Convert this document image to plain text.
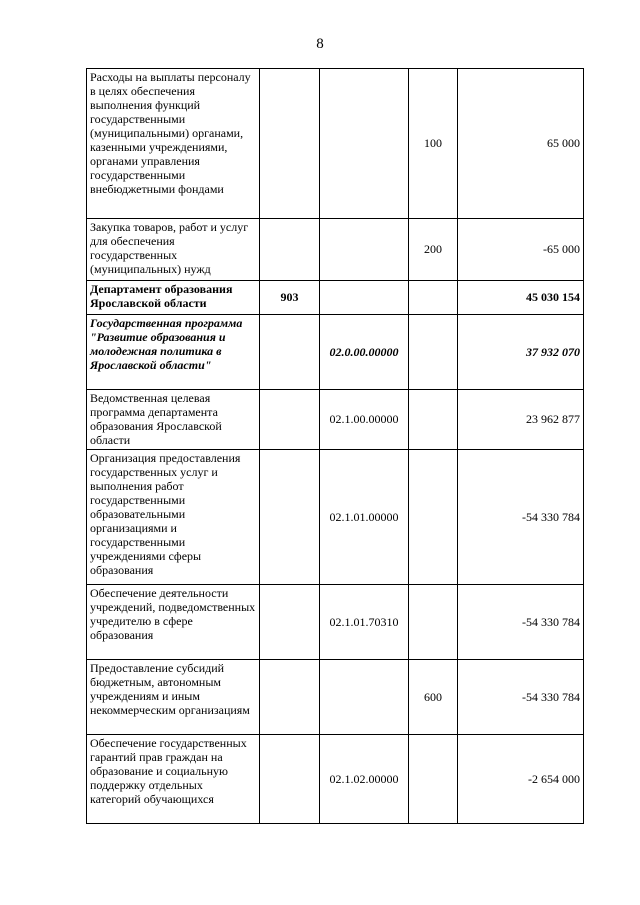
8
Расходы на выплаты персоналу в целях обеспечения выполнения функций государственными (муниципальными) органами, казенными учреждениями, органами управления государственными внебюджетными фондами			100	65 000
Закупка товаров, работ и услуг для обеспечения государственных (муниципальных) нужд			200	-65 000
Департамент образования Ярославской области	903			45 030 154
Государственная программа "Развитие образования и молодежная политика в Ярославской области"		02.0.00.00000		37 932 070
Ведомственная целевая программа департамента образования Ярославской области		02.1.00.00000		23 962 877
Организация предоставления государственных услуг и выполнения работ государственными образовательными организациями и государственными учреждениями сферы образования		02.1.01.00000		-54 330 784
Обеспечение деятельности учреждений, подведомственных учредителю в сфере образования		02.1.01.70310		-54 330 784
Предоставление субсидий бюджетным, автономным учреждениям и иным некоммерческим организациям			600	-54 330 784
Обеспечение государственных гарантий прав граждан на образование и социальную поддержку отдельных категорий обучающихся		02.1.02.00000		-2 654 000
